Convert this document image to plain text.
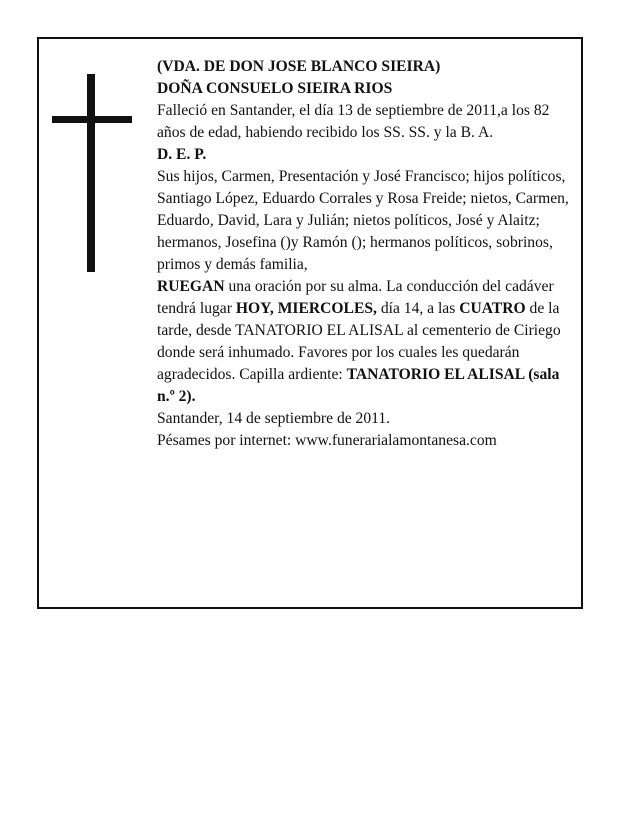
(VDA. DE DON JOSE BLANCO SIEIRA)

DOÑA CONSUELO SIEIRA RIOS

Falleció en Santander, el día 13 de septiembre de 2011,a los 82 años de edad, habiendo recibido los SS. SS. y la B. A.

D. E. P.

Sus hijos, Carmen, Presentación y José Francisco; hijos políticos, Santiago López, Eduardo Corrales y Rosa Freide; nietos, Carmen, Eduardo, David, Lara y Julián; nietos políticos, José y Alaitz; hermanos, Josefina ()y Ramón (); hermanos políticos, sobrinos, primos y demás familia,

RUEGAN una oración por su alma. La conducción del cadáver tendrá lugar HOY, MIERCOLES, día 14, a las CUATRO de la tarde, desde TANATORIO EL ALISAL al cementerio de Ciriego donde será inhumado. Favores por los cuales les quedarán agradecidos. Capilla ardiente: TANATORIO EL ALISAL (sala n.º 2).

Santander, 14 de septiembre de 2011.

Pésames por internet: www.funerarialamontanesa.com
